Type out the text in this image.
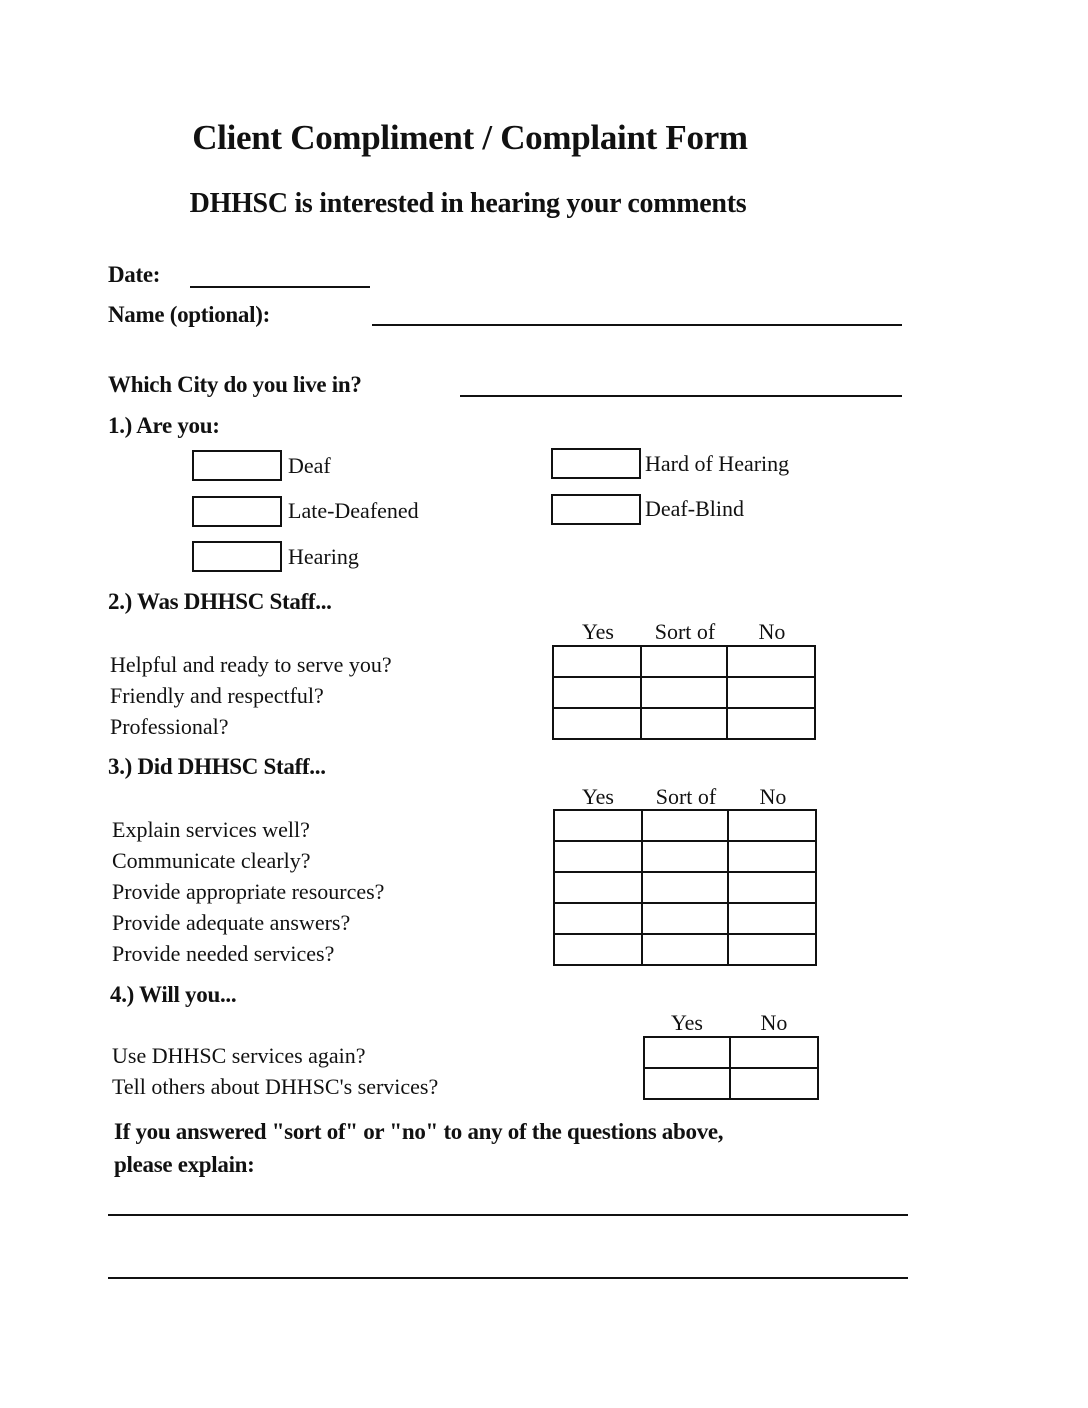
Client Compliment / Complaint Form
DHHSC is interested in hearing your comments
Date:
Name (optional):
Which City do you live in?
1.) Are you:
Deaf	Hard of Hearing
Late-Deafened	Deaf-Blind
Hearing
2.) Was DHHSC Staff...
Yes	Sort of	No
Helpful and ready to serve you?
Friendly and respectful?
Professional?

3.) Did DHHSC Staff...
Yes	Sort of	No
Explain services well?
Communicate clearly?
Provide appropriate resources?
Provide adequate answers?
Provide needed services?

4.) Will you...
Yes	No
Use DHHSC services again?
Tell others about DHHSC's services?

If you answered "sort of" or "no" to any of the questions above,
please explain:
